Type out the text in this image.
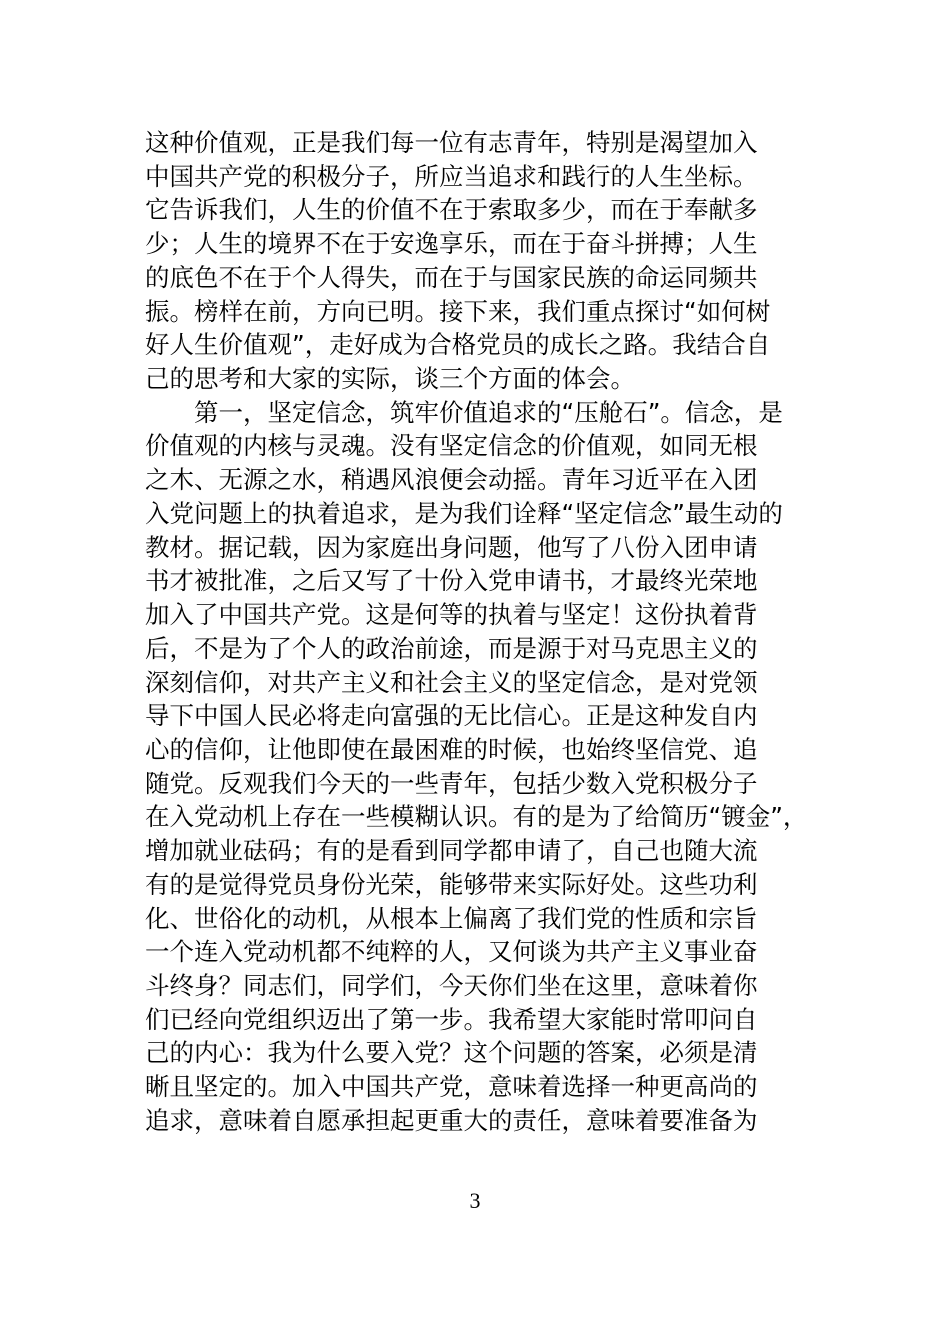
这种价值观，正是我们每一位有志青年，特别是渴望加入
中国共产党的积极分子，所应当追求和践行的人生坐标。
它告诉我们，人生的价值不在于索取多少，而在于奉献多
少；人生的境界不在于安逸享乐，而在于奋斗拼搏；人生
的底色不在于个人得失，而在于与国家民族的命运同频共
振。榜样在前，方向已明。接下来，我们重点探讨“如何树
好人生价值观”，走好成为合格党员的成长之路。我结合自
己的思考和大家的实际，谈三个方面的体会。
　　第一，坚定信念，筑牢价值追求的“压舱石”。信念，是
价值观的内核与灵魂。没有坚定信念的价值观，如同无根
之木、无源之水，稍遇风浪便会动摇。青年习近平在入团
入党问题上的执着追求，是为我们诠释“坚定信念”最生动的
教材。据记载，因为家庭出身问题，他写了八份入团申请
书才被批准，之后又写了十份入党申请书，才最终光荣地
加入了中国共产党。这是何等的执着与坚定！这份执着背
后，不是为了个人的政治前途，而是源于对马克思主义的
深刻信仰，对共产主义和社会主义的坚定信念，是对党领
导下中国人民必将走向富强的无比信心。正是这种发自内
心的信仰，让他即使在最困难的时候，也始终坚信党、追
随党。反观我们今天的一些青年，包括少数入党积极分子
在入党动机上存在一些模糊认识。有的是为了给简历“镀金”，
增加就业砝码；有的是看到同学都申请了，自己也随大流
有的是觉得党员身份光荣，能够带来实际好处。这些功利
化、世俗化的动机，从根本上偏离了我们党的性质和宗旨
一个连入党动机都不纯粹的人，又何谈为共产主义事业奋
斗终身？同志们，同学们，今天你们坐在这里，意味着你
们已经向党组织迈出了第一步。我希望大家能时常叩问自
己的内心：我为什么要入党？这个问题的答案，必须是清
晰且坚定的。加入中国共产党，意味着选择一种更高尚的
追求，意味着自愿承担起更重大的责任，意味着要准备为
3
